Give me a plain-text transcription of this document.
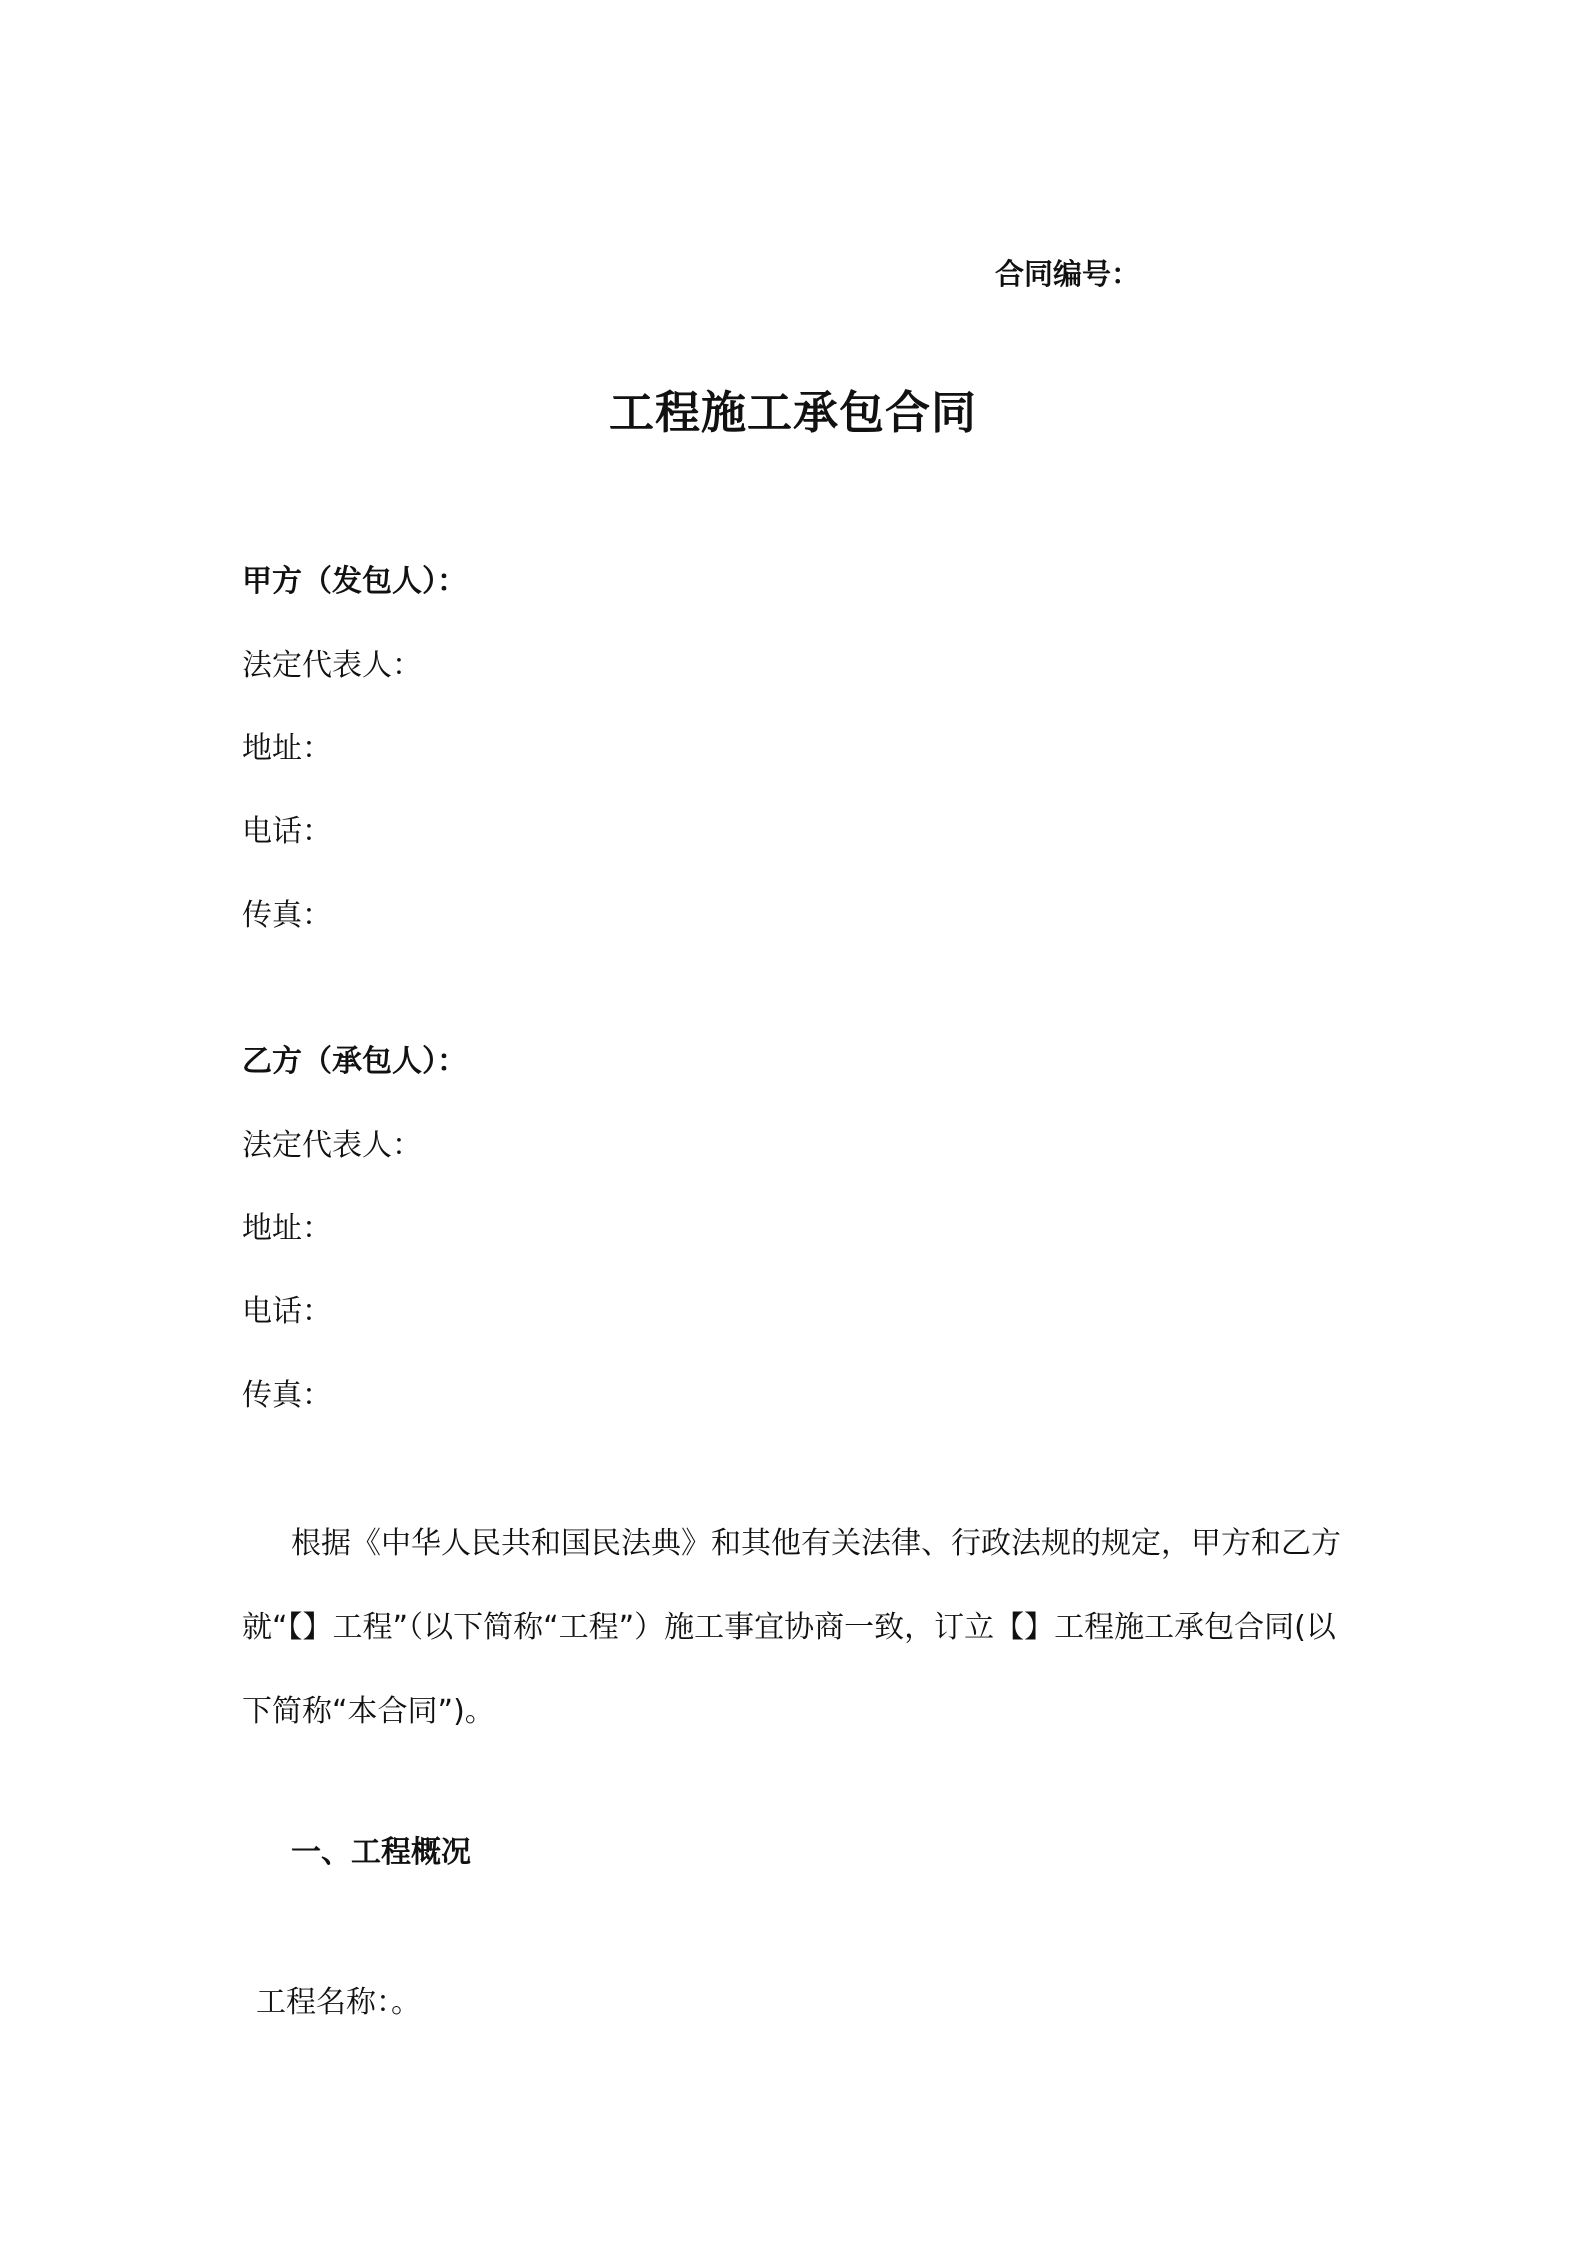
合同编号：
工程施工承包合同
甲方（发包人）：
法定代表人：
地址：
电话：
传真：
乙方（承包人）：
法定代表人：
地址：
电话：
传真：
根据《中华人民共和国民法典》和其他有关法律、行政法规的规定，甲方和乙方就“【】工程”（以下简称“工程”）施工事宜协商一致，订立【】工程施工承包合同(以下简称“本合同”)。
一、工程概况
工程名称：。
